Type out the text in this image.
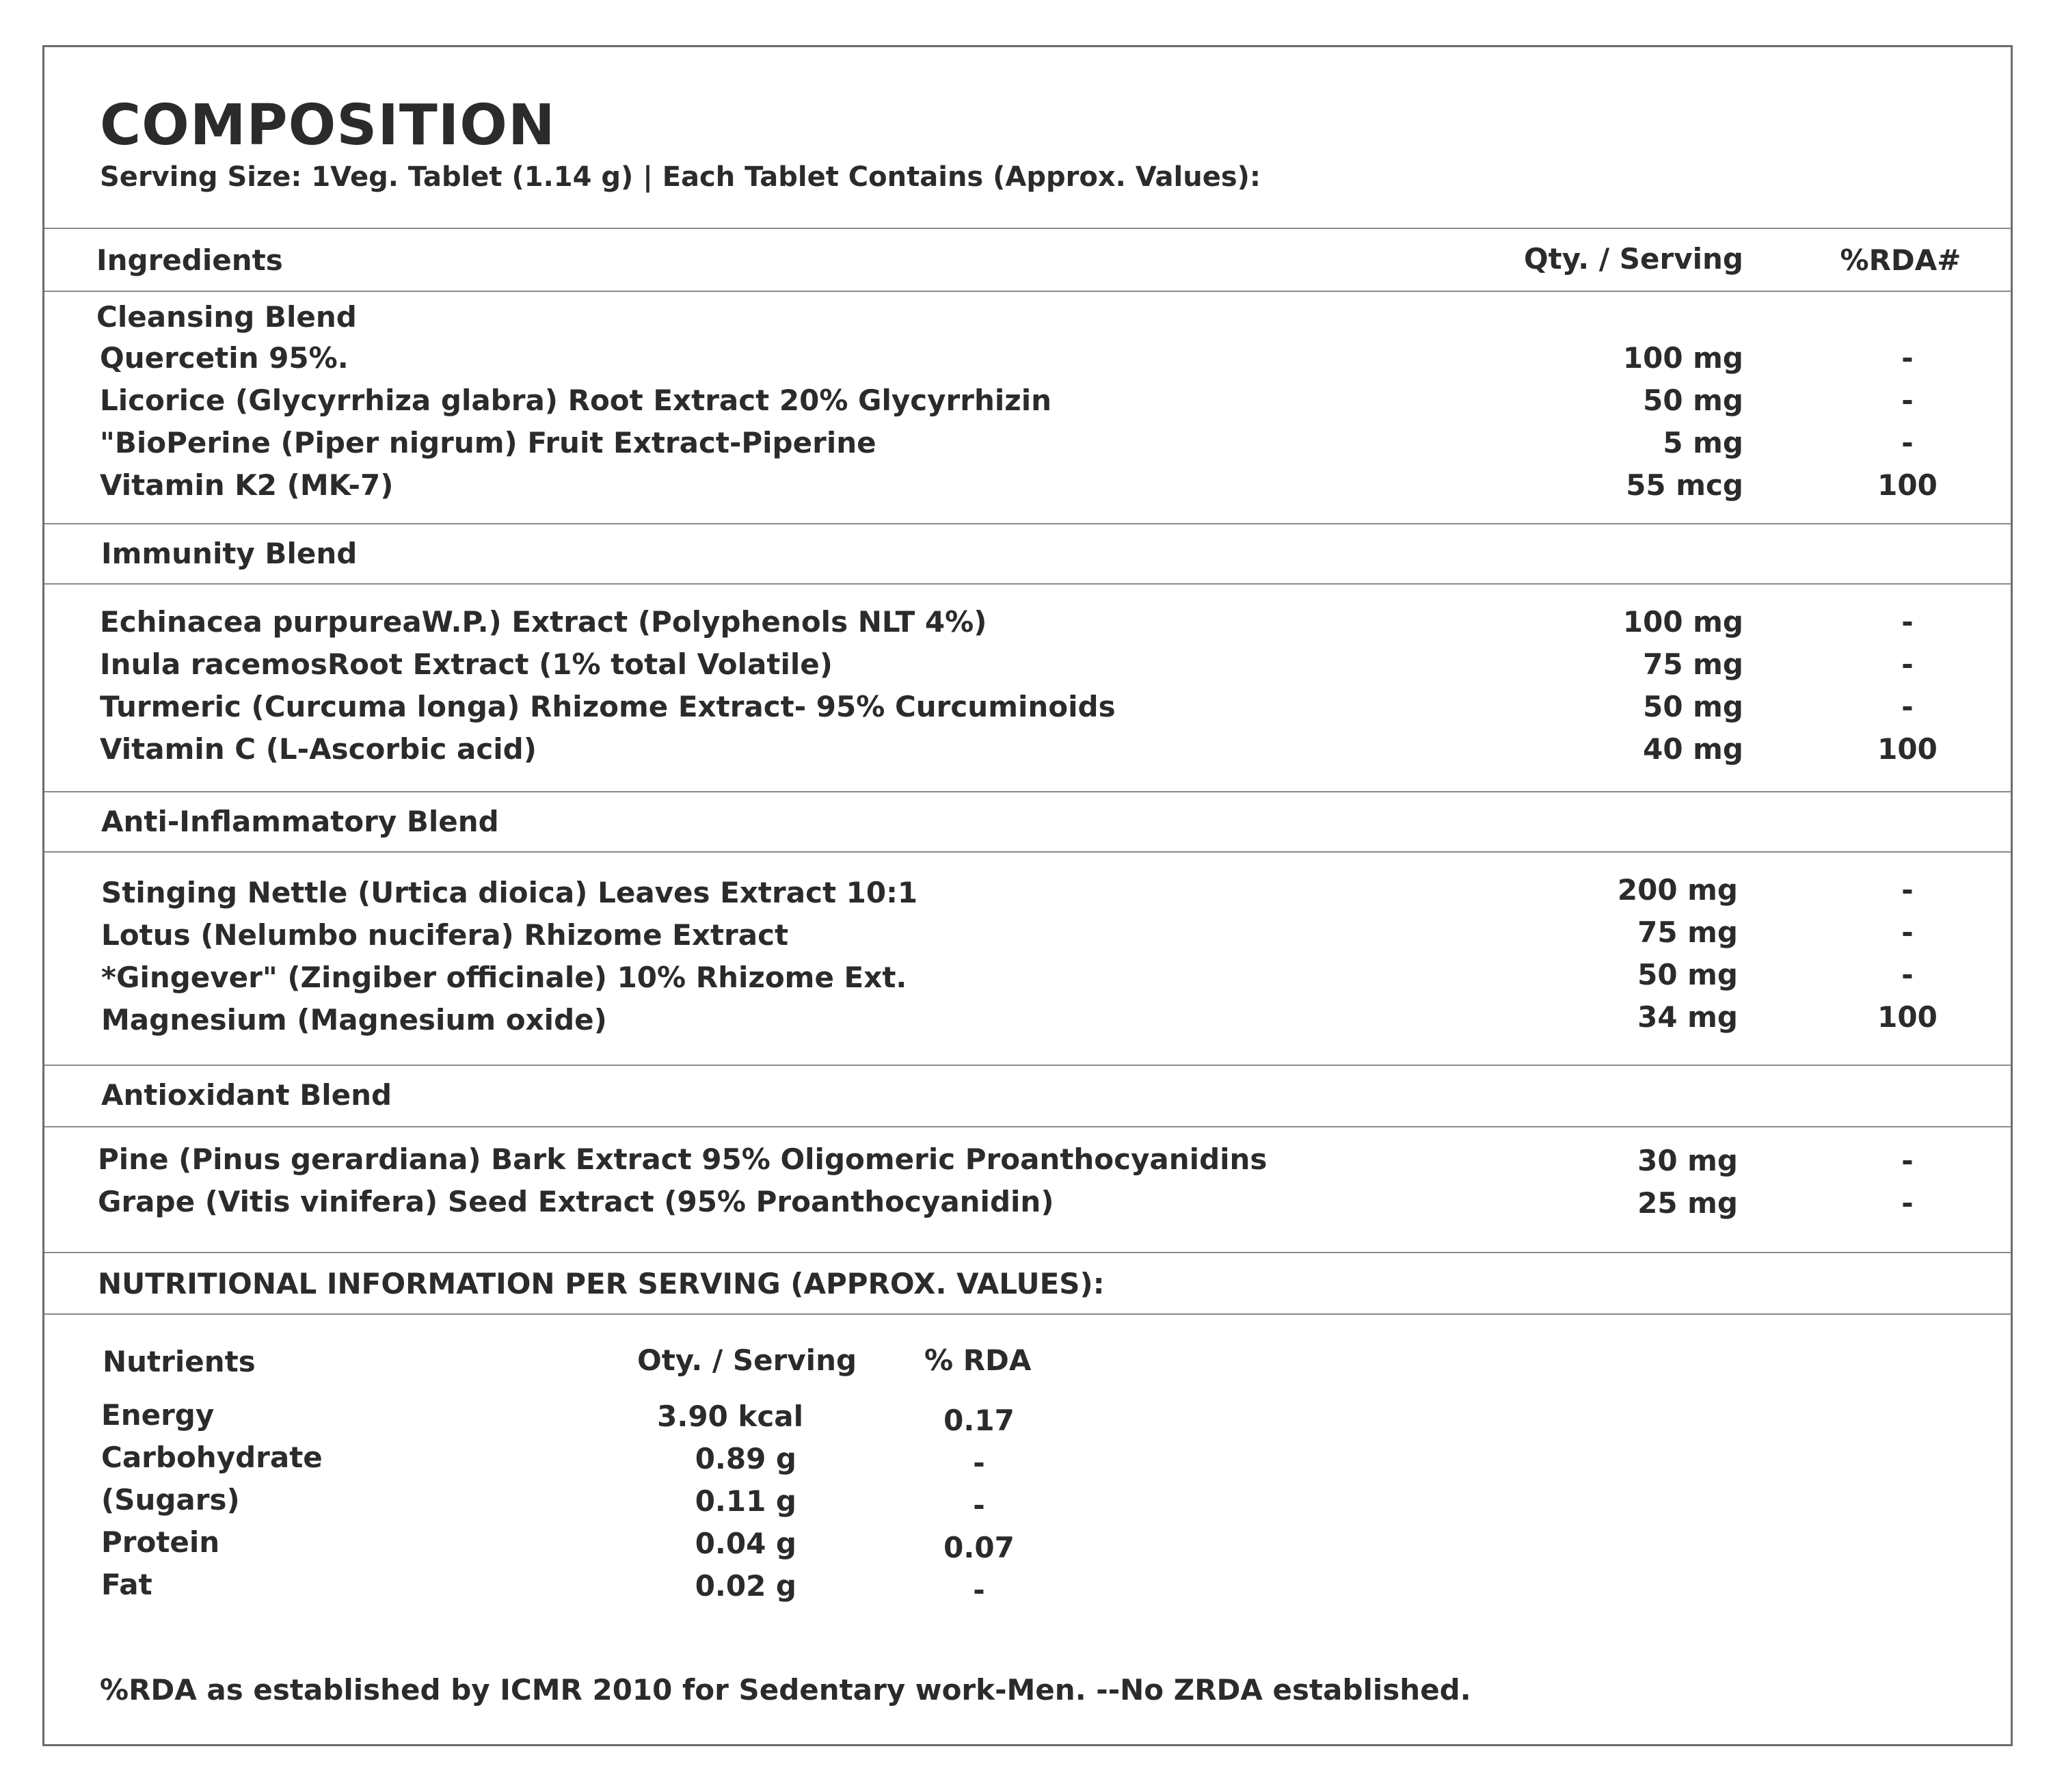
COMPOSITION
Serving Size: 1Veg. Tablet (1.14 g) | Each Tablet Contains (Approx. Values):
Ingredients	Qty. / Serving	%RDA#
Cleansing Blend
Quercetin 95%.	100 mg	-
Licorice (Glycyrrhiza glabra) Root Extract 20% Glycyrrhizin	50 mg	-
"BioPerine (Piper nigrum) Fruit Extract-Piperine	5 mg	-
Vitamin K2 (MK-7)	55 mcg	100
Immunity Blend
Echinacea purpureaW.P.) Extract (Polyphenols NLT 4%)	100 mg	-
Inula racemosRoot Extract (1% total Volatile)	75 mg	-
Turmeric (Curcuma longa) Rhizome Extract- 95% Curcuminoids	50 mg	-
Vitamin C (L-Ascorbic acid)	40 mg	100
Anti-Inflammatory Blend
Stinging Nettle (Urtica dioica) Leaves Extract 10:1	200 mg	-
Lotus (Nelumbo nucifera) Rhizome Extract	75 mg	-
*Gingever" (Zingiber officinale) 10% Rhizome Ext.	50 mg	-
Magnesium (Magnesium oxide)	34 mg	100
Antioxidant Blend
Pine (Pinus gerardiana) Bark Extract 95% Oligomeric Proanthocyanidins	30 mg	-
Grape (Vitis vinifera) Seed Extract (95% Proanthocyanidin)	25 mg	-
NUTRITIONAL INFORMATION PER SERVING (APPROX. VALUES):
Nutrients	Oty. / Serving % RDA
Energy	3.90 kcal	0.17
Carbohydrate	0.89 g	-
(Sugars)	0.11 g	-
Protein	0.04 g	0.07
Fat	0.02 g	-
%RDA as established by ICMR 2010 for Sedentary work-Men. --No ZRDA established.
